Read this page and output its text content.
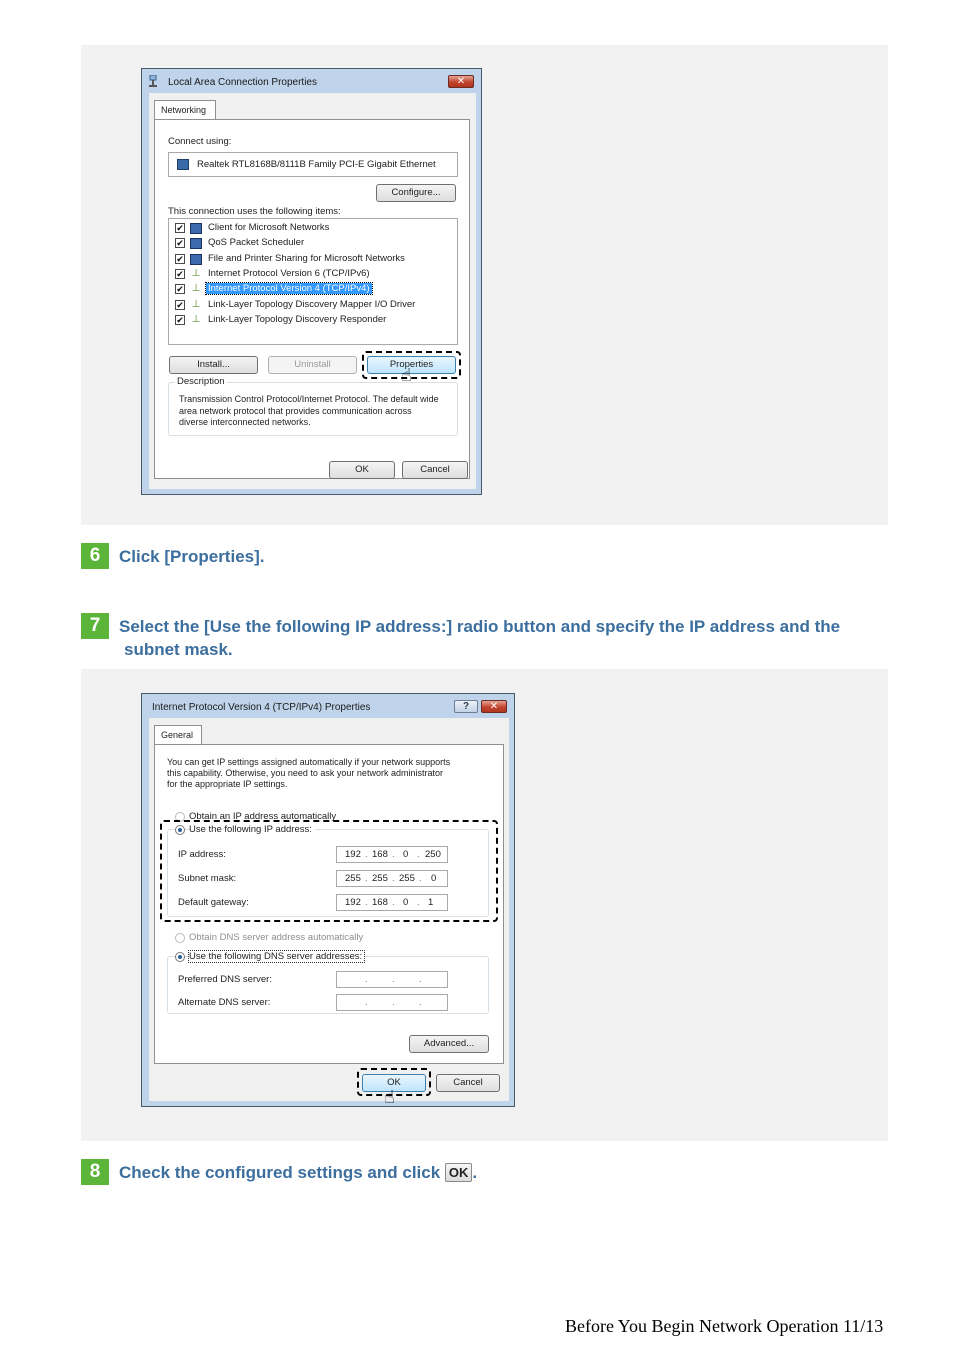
Local Area Connection Properties	✕
Networking
Connect using:
Realtek RTL8168B/8111B Family PCI-E Gigabit Ethernet
Configure...
This connection uses the following items:
✔	Client for Microsoft Networks
✔	QoS Packet Scheduler
✔	File and Printer Sharing for Microsoft Networks
✔ ⊥ Internet Protocol Version 6 (TCP/IPv6)
✔ ⊥ Internet Protocol Version 4 (TCP/IPv4)
✔ ⊥ Link-Layer Topology Discovery Mapper I/O Driver
✔ ⊥ Link-Layer Topology Discovery Responder
Install...	Uninstall	Properties
☝
Description
Transmission Control Protocol/Internet Protocol. The default wide area network protocol that provides communication across diverse interconnected networks.
OK	Cancel
6	Click [Properties].
7	Select the [Use the following IP address:] radio button and specify the IP address and the
subnet mask.
Internet Protocol Version 4 (TCP/IPv4) Properties	?	✕
General
You can get IP settings assigned automatically if your network supports
this capability. Otherwise, you need to ask your network administrator
for the appropriate IP settings.
Obtain an IP address automatically
Use the following IP address:
IP address:	192 . 168 . 0 . 250
Subnet mask:	255 . 255 . 255 . 0
Default gateway:	192 . 168 . 0 . 1
Obtain DNS server address automatically
Use the following DNS server addresses:
Preferred DNS server:	.	.	.
Alternate DNS server:	.	.	.
Advanced...
OK	Cancel
☝
8	Check the configured settings and click OK .
Before You Begin Network Operation 11/13
